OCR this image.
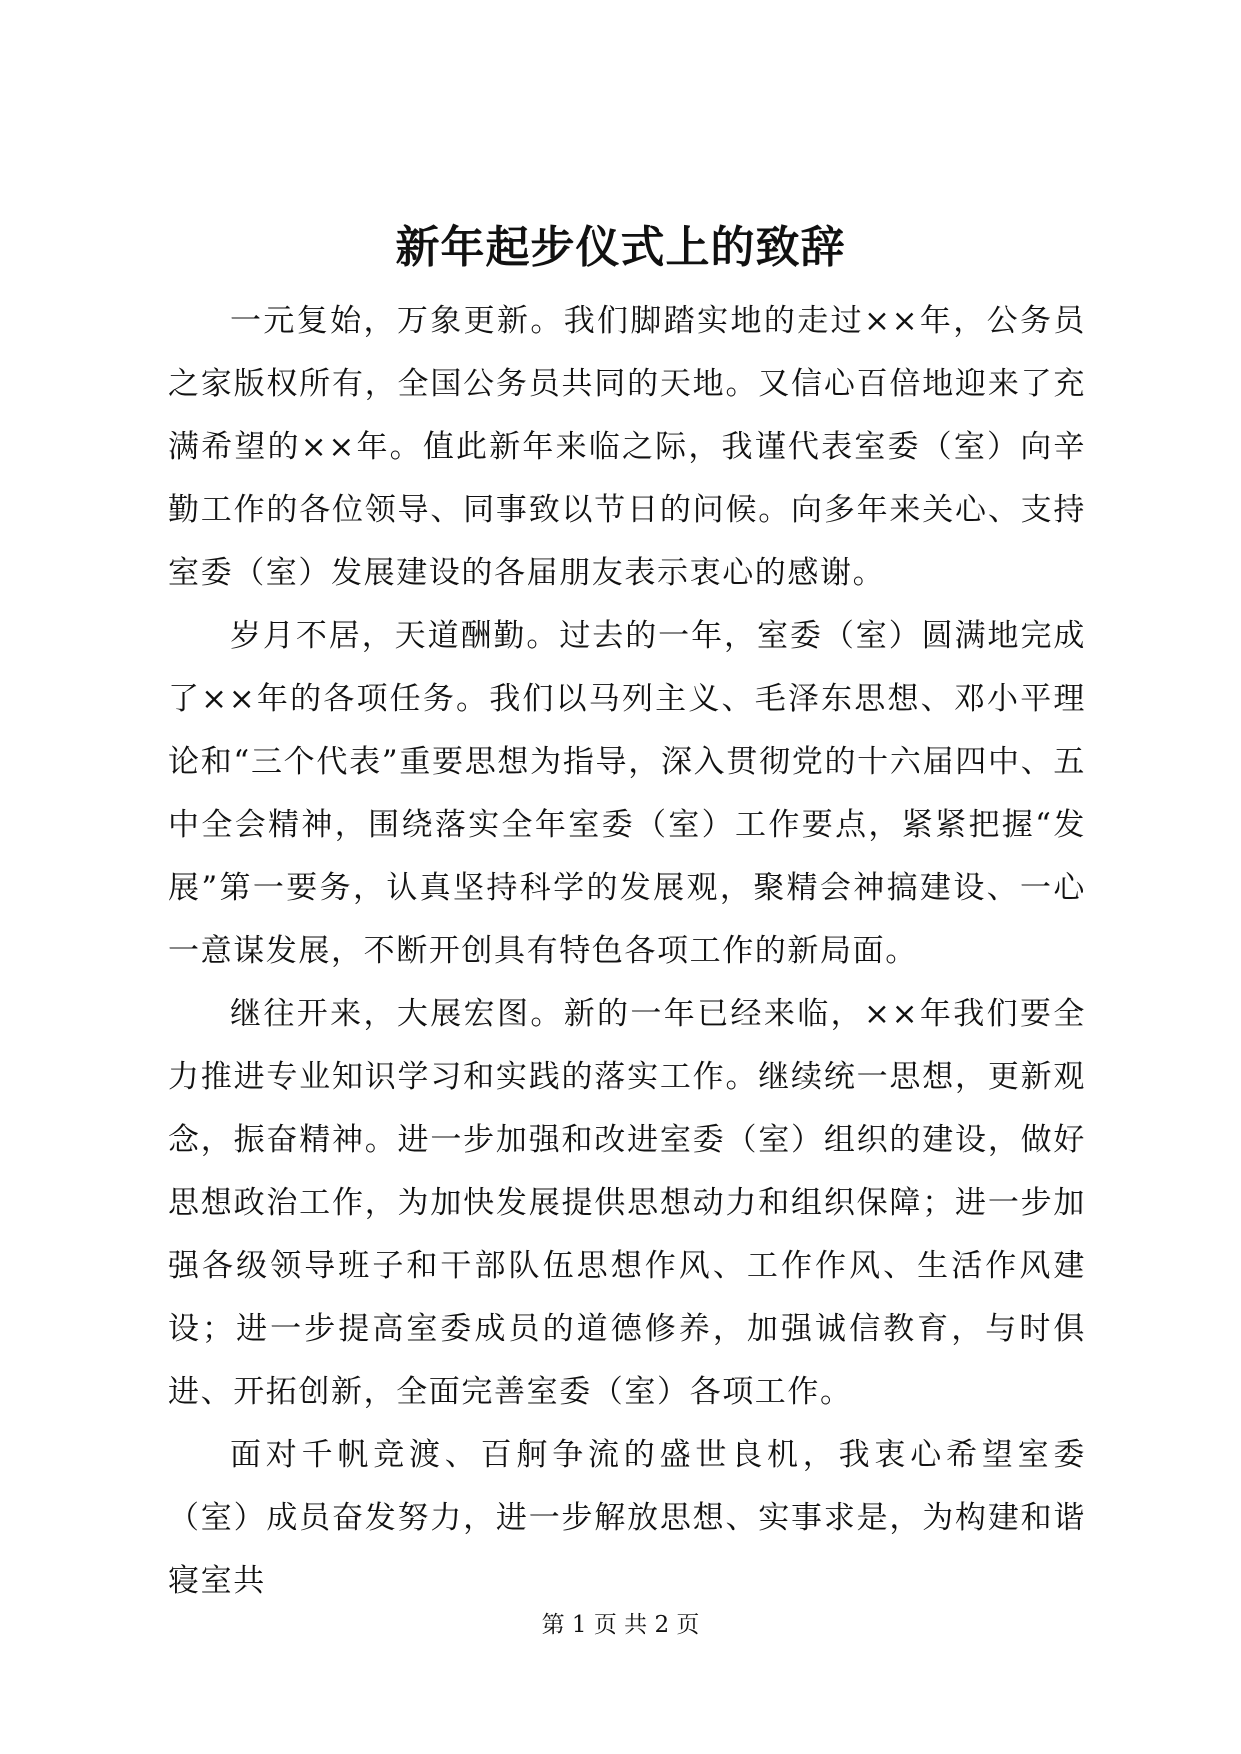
新年起步仪式上的致辞

一元复始，万象更新。我们脚踏实地的走过××年，公务员之家版权所有，全国公务员共同的天地。又信心百倍地迎来了充满希望的××年。值此新年来临之际，我谨代表室委（室）向辛勤工作的各位领导、同事致以节日的问候。向多年来关心、支持室委（室）发展建设的各届朋友表示衷心的感谢。

岁月不居，天道酬勤。过去的一年，室委（室）圆满地完成了××年的各项任务。我们以马列主义、毛泽东思想、邓小平理论和“三个代表”重要思想为指导，深入贯彻党的十六届四中、五中全会精神，围绕落实全年室委（室）工作要点，紧紧把握“发展”第一要务，认真坚持科学的发展观，聚精会神搞建设、一心一意谋发展，不断开创具有特色各项工作的新局面。

继往开来，大展宏图。新的一年已经来临，××年我们要全力推进专业知识学习和实践的落实工作。继续统一思想，更新观念，振奋精神。进一步加强和改进室委（室）组织的建设，做好思想政治工作，为加快发展提供思想动力和组织保障；进一步加强各级领导班子和干部队伍思想作风、工作作风、生活作风建设；进一步提高室委成员的道德修养，加强诚信教育，与时俱进、开拓创新，全面完善室委（室）各项工作。

面对千帆竞渡、百舸争流的盛世良机，我衷心希望室委（室）成员奋发努力，进一步解放思想、实事求是，为构建和谐寝室共

第 1 页 共 2 页
